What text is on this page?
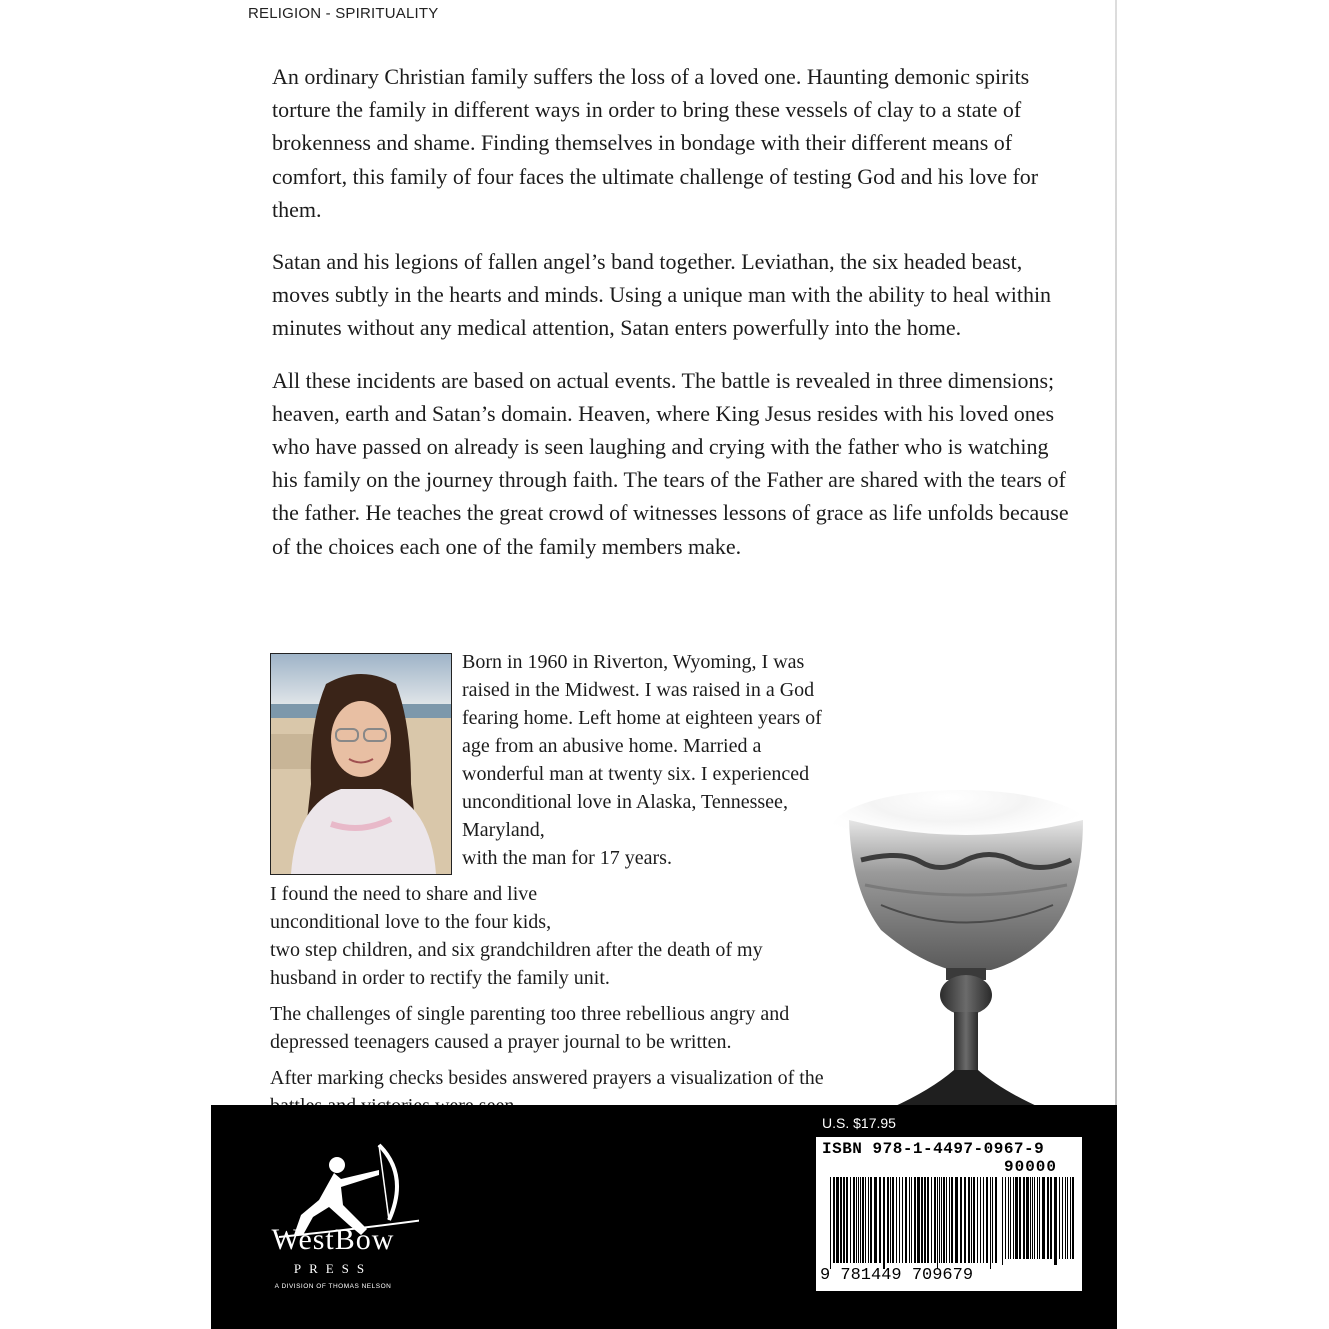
RELIGION - SPIRITUALITY

An ordinary Christian family suffers the loss of a loved one. Haunting demonic spirits torture the family in different ways in order to bring these vessels of clay to a state of brokenness and shame. Finding themselves in bondage with their different means of comfort, this family of four faces the ultimate challenge of testing God and his love for them.

Satan and his legions of fallen angel’s band together. Leviathan, the six headed beast, moves subtly in the hearts and minds. Using a unique man with the ability to heal within minutes without any medical attention, Satan enters powerfully into the home.

All these incidents are based on actual events. The battle is revealed in three dimensions; heaven, earth and Satan’s domain. Heaven, where King Jesus resides with his loved ones who have passed on already is seen laughing and crying with the father who is watching his family on the journey through faith. The tears of the Father are shared with the tears of the father. He teaches the great crowd of witnesses lessons of grace as life unfolds because of the choices each one of the family members make.

Born in 1960 in Riverton, Wyoming, I was raised in the Midwest. I was raised in a God fearing home. Left home at eighteen years of age from an abusive home. Married a wonderful man at twenty six. I experienced unconditional love in Alaska, Tennessee, Maryland,
with the man for 17 years.

I found the need to share and live unconditional love to the four kids,
two step children, and six grandchildren after the death of my husband in order to rectify the family unit.

The challenges of single parenting too three rebellious angry and depressed teenagers caused a prayer journal to be written.

After marking checks besides answered prayers a visualization of the

WestBow
PRESS
A DIVISION OF THOMAS NELSON
U.S. $17.95
ISBN 978-1-4497-0967-9
90000
9 781449 709679
